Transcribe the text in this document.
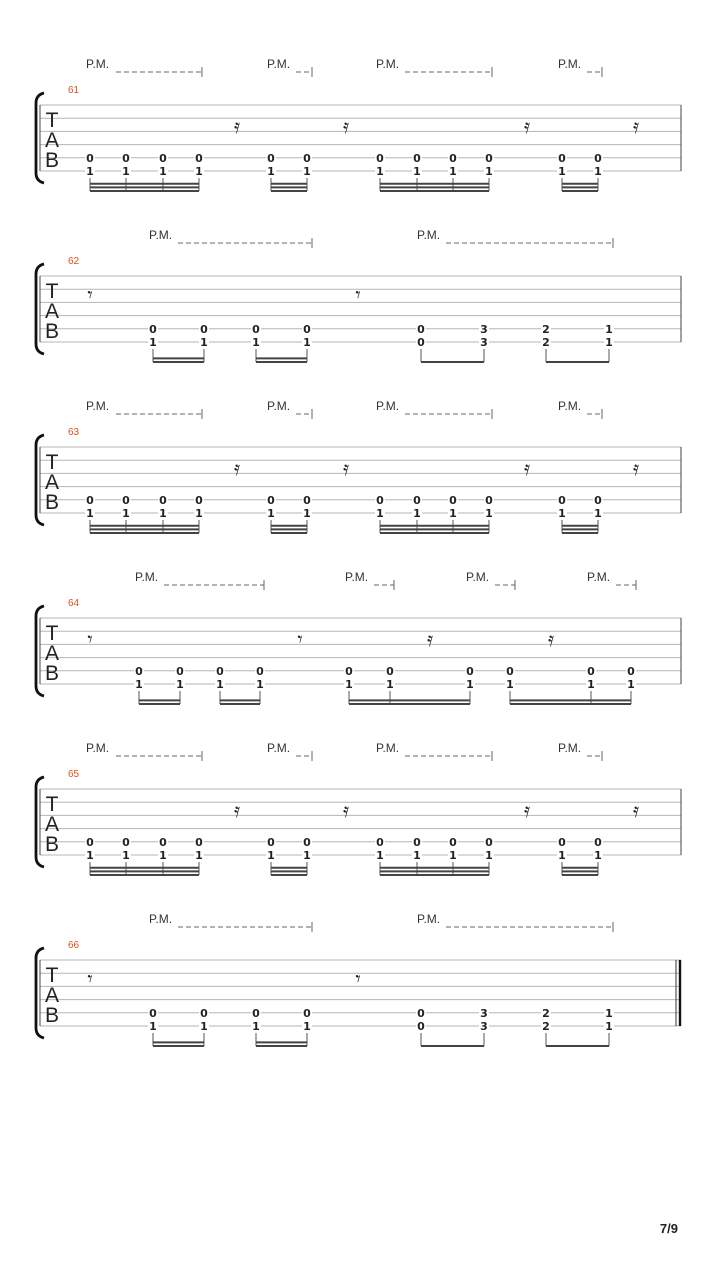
P.M.	P.M.	P.M.	P.M.
61
T
A
B
𝄿	𝄿	𝄿	𝄿
0
1
0
1
0
1
0
1
0
1
0
1
0
1
0
1
0
1
0
1
0
1
0
1
P.M.	P.M.
62
T
A
B
𝄾	𝄾
0
1
0
1
0
1
0
1
0
0
3
3
2
2
1
1
P.M.	P.M.	P.M.	P.M.
63
T
A
B
𝄿	𝄿	𝄿	𝄿
0
1
0
1
0
1
0
1
0
1
0
1
0
1
0
1
0
1
0
1
0
1
0
1
P.M.	P.M.	P.M.	P.M.
64
T
A
B
𝄾	𝄾	𝄿	𝄿
0
1
0
1
0
1
0
1
0
1
0
1
0
1
0
1
0
1
0
1
P.M.	P.M.	P.M.	P.M.
65
T
A
B
𝄿	𝄿	𝄿	𝄿
0
1
0
1
0
1
0
1
0
1
0
1
0
1
0
1
0
1
0
1
0
1
0
1
P.M.	P.M.
66
T
A
B
𝄾	𝄾
0
1
0
1
0
1
0
1
0
0
3
3
2
2
1
1
7/9
